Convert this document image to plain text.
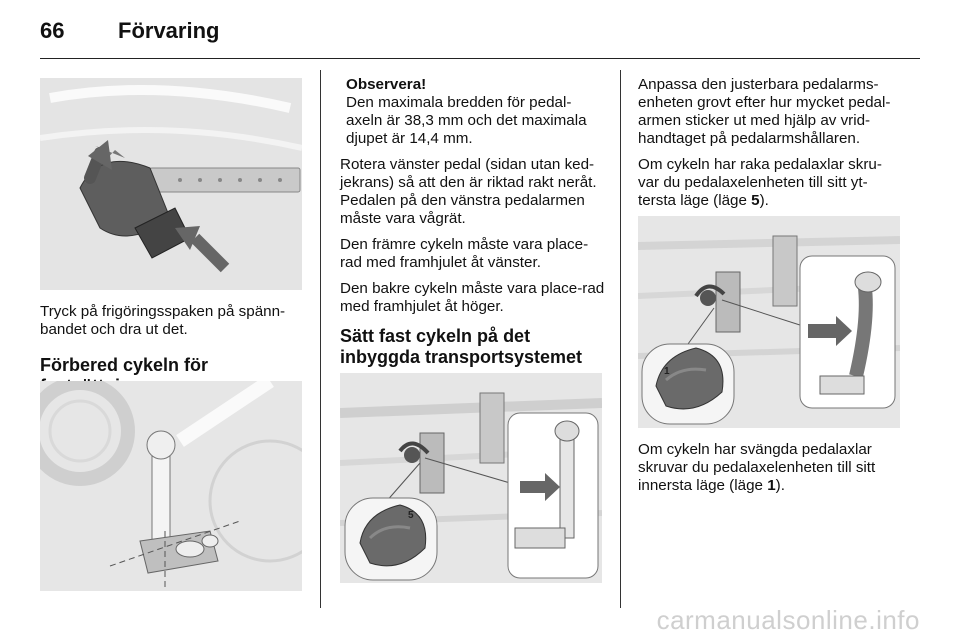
66 Förvaring

Tryck på frigöringsspaken på spänn-bandet och dra ut det.

Förbered cykeln för
Observera!
Den maximala bredden för pedal-axeln är 38,3 mm och det maximala djupet är 14,4 mm.

Rotera vänster pedal (sidan utan ked-jekrans) så att den är riktad rakt neråt. Pedalen på den vänstra pedalarmen måste vara vågrät.

Den främre cykeln måste vara place-rad med framhjulet åt vänster.

Den bakre cykeln måste vara place-rad med framhjulet åt höger.

Sätt fast cykeln på det inbyggda transportsystemet
5

Anpassa den justerbara pedalarms-enheten grovt efter hur mycket pedal-armen sticker ut med hjälp av vrid-handtaget på pedalarmshållaren.

Om cykeln har raka pedalaxlar skru-var du pedalaxelenheten till sitt yt-tersta läge (läge 5).

1

Om cykeln har svängda pedalaxlar skruvar du pedalaxelenheten till sitt innersta läge (läge 1).

carmanualsonline.info
